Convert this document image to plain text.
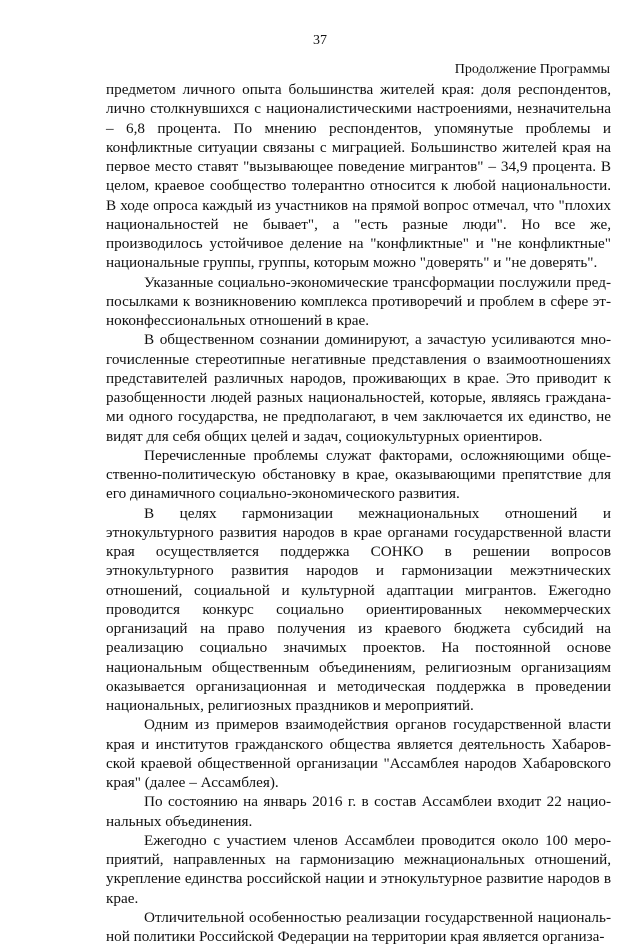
37
Продолжение Программы

предметом личного опыта большинства жителей края: доля респондентов, лично столкнувшихся с националистическими настроениями, незначительна – 6,8 процента. По мнению респондентов, упомянутые проблемы и конфликтные ситуации связаны с миграцией. Большинство жителей края на первое место ставят "вызывающее поведение мигрантов" – 34,9 процента. В целом, краевое сообщество толерантно относится к любой национальности. В ходе опроса каждый из участников на прямой вопрос отмечал, что "плохих национальностей не бывает", а "есть разные люди". Но все же, производилось устойчивое деление на "конфликтные" и "не конфликтные" национальные группы, группы, которым можно "доверять" и "не доверять".

Указанные социально-экономические трансформации послужили предпосылками к возникновению комплекса противоречий и проблем в сфере этноконфессиональных отношений в крае.

В общественном сознании доминируют, а зачастую усиливаются многочисленные стереотипные негативные представления о взаимоотношениях представителей различных народов, проживающих в крае. Это приводит к разобщенности людей разных национальностей, которые, являясь гражданами одного государства, не предполагают, в чем заключается их единство, не видят для себя общих целей и задач, социокультурных ориентиров.

Перечисленные проблемы служат факторами, осложняющими общественно-политическую обстановку в крае, оказывающими препятствие для его динамичного социально-экономического развития.

В целях гармонизации межнациональных отношений и этнокультурного развития народов в крае органами государственной власти края осуществляется поддержка СОНКО в решении вопросов этнокультурного развития народов и гармонизации межэтнических отношений, социальной и культурной адаптации мигрантов. Ежегодно проводится конкурс социально ориентированных некоммерческих организаций на право получения из краевого бюджета субсидий на реализацию социально значимых проектов. На постоянной основе национальным общественным объединениям, религиозным организациям оказывается организационная и методическая поддержка в проведении национальных, религиозных праздников и мероприятий.

Одним из примеров взаимодействия органов государственной власти края и институтов гражданского общества является деятельность Хабаровской краевой общественной организации "Ассамблея народов Хабаровского края" (далее – Ассамблея).

По состоянию на январь 2016 г. в состав Ассамблеи входит 22 национальных объединения.

Ежегодно с участием членов Ассамблеи проводится около 100 мероприятий, направленных на гармонизацию межнациональных отношений, укрепление единства российской нации и этнокультурное развитие народов в крае.

Отличительной особенностью реализации государственной национальной политики Российской Федерации на территории края является организа-
